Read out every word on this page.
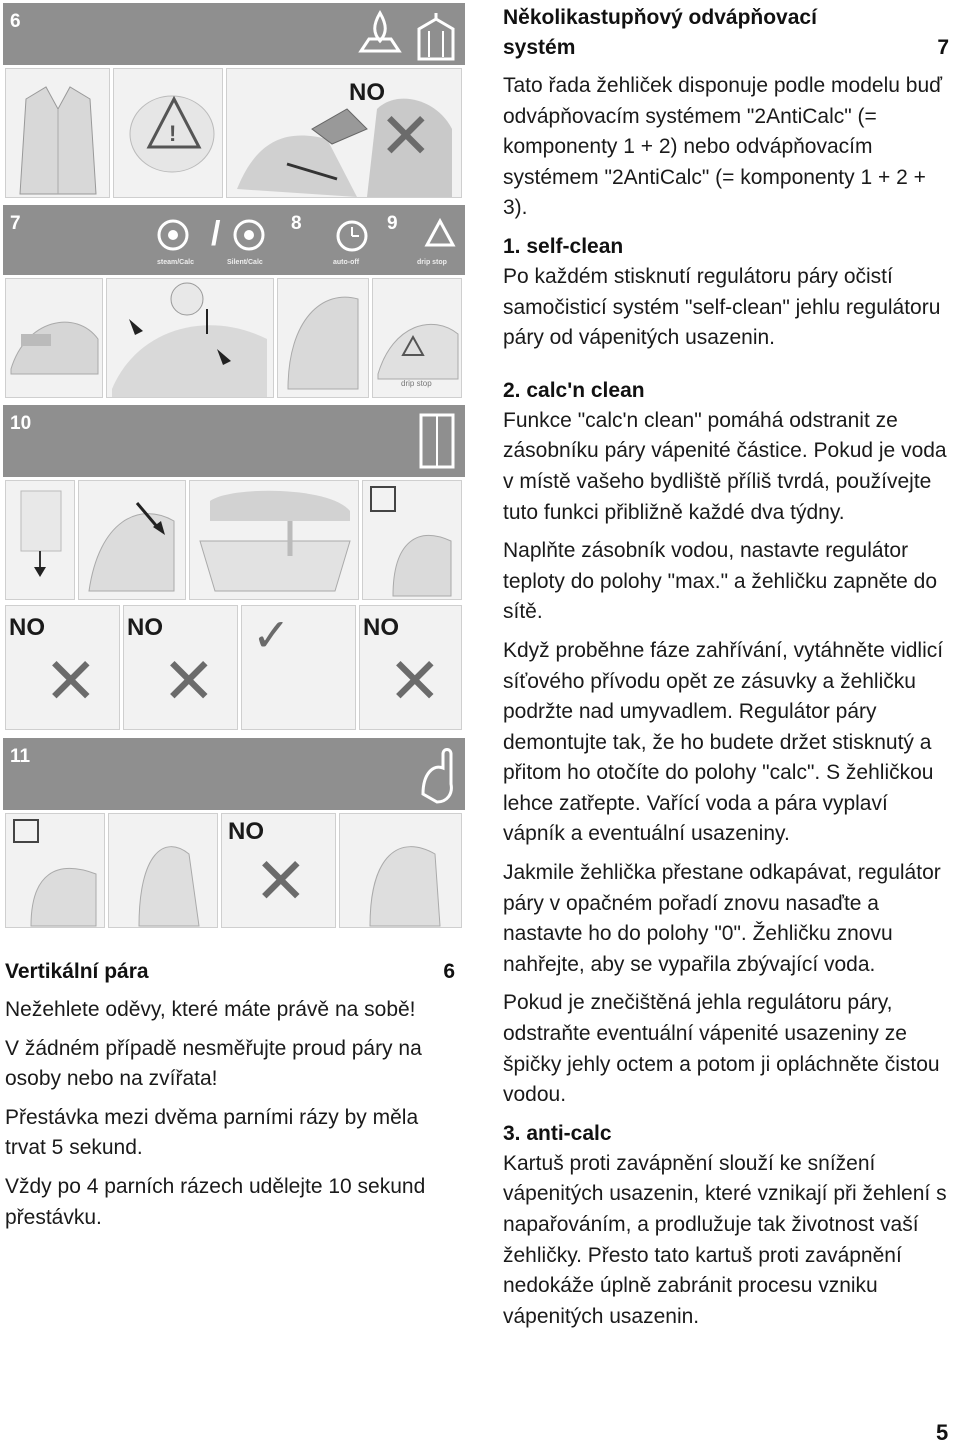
6
!
NO
✕
7	/	8	9
steam/Calc	Silent/Calc	auto-off	drip stop
drip stop
10
NO
✕
NO
✕
✓	NO
✕
11
NO
✕

Vertikální pára	6

Nežehlete oděvy, které máte právě na sobě!

V žádném případě nesměřujte proud páry na osoby nebo na zvířata!

Přestávka mezi dvěma parními rázy by měla trvat 5 sekund.

Vždy po 4 parních rázech udělejte 10 sekund přestávku.

Několikastupňový odvápňovací

systém	7

Tato řada žehliček disponuje podle modelu buď odvápňovacím systémem "2AntiCalc" (= komponenty 1 + 2) nebo odvápňovacím systémem "2AntiCalc" (= komponenty 1 + 2 + 3).

1. self-clean

Po každém stisknutí regulátoru páry očistí samočisticí systém "self-clean" jehlu regulátoru páry od vápenitých usazenin.

2. calc'n clean

Funkce "calc'n clean" pomáhá odstranit ze zásobníku páry vápenité částice. Pokud je voda v místě vašeho bydliště příliš tvrdá, používejte tuto funkci přibližně každé dva týdny.

Naplňte zásobník vodou, nastavte regulátor teploty do polohy "max." a žehličku zapněte do sítě.

Když proběhne fáze zahřívání, vytáhněte vidlicí síťového přívodu opět ze zásuvky a žehličku podržte nad umyvadlem. Regulátor páry demontujte tak, že ho budete držet stisknutý a přitom ho otočíte do polohy "calc". S žehličkou lehce zatřepte. Vařící voda a pára vyplaví vápník a eventuální usazeniny.

Jakmile žehlička přestane odkapávat, regulátor páry v opačném pořadí znovu nasaďte a nastavte ho do polohy "0". Žehličku znovu nahřejte, aby se vypařila zbývající voda.

Pokud je znečištěná jehla regulátoru páry, odstraňte eventuální vápenité usazeniny ze špičky jehly octem a potom ji opláchněte čistou vodou.

3. anti-calc

Kartuš proti zavápnění slouží ke snížení vápenitých usazenin, které vznikají při žehlení s napařováním, a prodlužuje tak životnost vaší žehličky. Přesto tato kartuš proti zavápnění nedokáže úplně zabránit procesu vzniku vápenitých usazenin.

5
